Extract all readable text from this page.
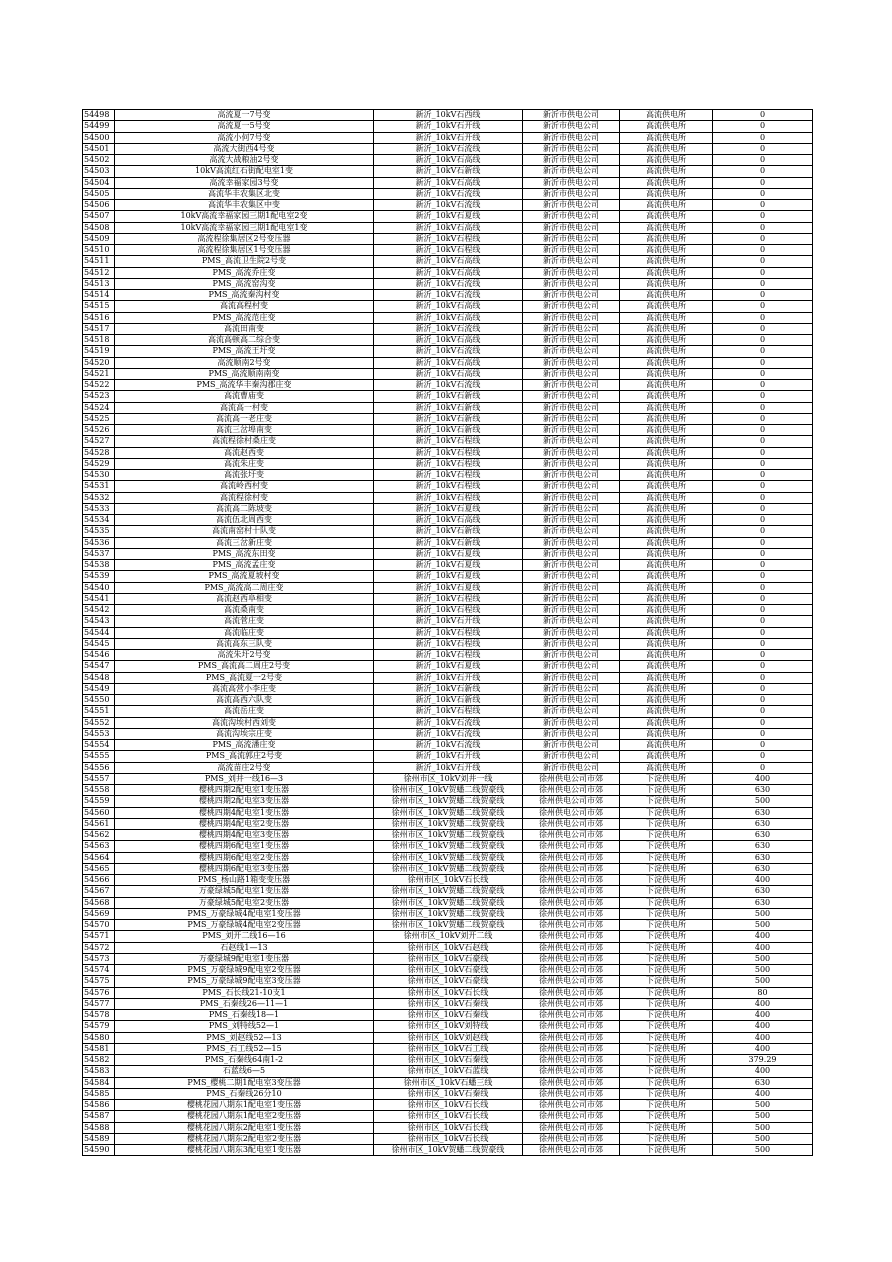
54498	高流夏一7号变	新沂_10kV石西线	新沂市供电公司	高流供电所	0
54499	高流夏一5号变	新沂_10kV石开线	新沂市供电公司	高流供电所	0
54500	高流小何7号变	新沂_10kV石开线	新沂市供电公司	高流供电所	0
54501	高流大街西4号变	新沂_10kV石流线	新沂市供电公司	高流供电所	0
54502	高流大战粮油2号变	新沂_10kV石高线	新沂市供电公司	高流供电所	0
54503	10kV高流红石街配电室1变	新沂_10kV石新线	新沂市供电公司	高流供电所	0
54504	高流幸福家园3号变	新沂_10kV石高线	新沂市供电公司	高流供电所	0
54505	高流华丰农集区北变	新沂_10kV石流线	新沂市供电公司	高流供电所	0
54506	高流华丰农集区中变	新沂_10kV石流线	新沂市供电公司	高流供电所	0
54507	10kV高流幸福家园三期1配电室2变	新沂_10kV石夏线	新沂市供电公司	高流供电所	0
54508	10kV高流幸福家园三期1配电室1变	新沂_10kV石高线	新沂市供电公司	高流供电所	0
54509	高流程徐集居区2号变压器	新沂_10kV石程线	新沂市供电公司	高流供电所	0
54510	高流程徐集居区1号变压器	新沂_10kV石程线	新沂市供电公司	高流供电所	0
54511	PMS_高流卫生院2号变	新沂_10kV石高线	新沂市供电公司	高流供电所	0
54512	PMS_高流乔庄变	新沂_10kV石高线	新沂市供电公司	高流供电所	0
54513	PMS_高流窑沟变	新沂_10kV石流线	新沂市供电公司	高流供电所	0
54514	PMS_高流秦沟村变	新沂_10kV石流线	新沂市供电公司	高流供电所	0
54515	高流高程村变	新沂_10kV石高线	新沂市供电公司	高流供电所	0
54516	PMS_高流范庄变	新沂_10kV石高线	新沂市供电公司	高流供电所	0
54517	高流田南变	新沂_10kV石流线	新沂市供电公司	高流供电所	0
54518	高流高顿高二综合变	新沂_10kV石高线	新沂市供电公司	高流供电所	0
54519	PMS_高流王圩变	新沂_10kV石流线	新沂市供电公司	高流供电所	0
54520	高流顺南2号变	新沂_10kV石高线	新沂市供电公司	高流供电所	0
54521	PMS_高流顺南南变	新沂_10kV石高线	新沂市供电公司	高流供电所	0
54522	PMS_高流华丰秦沟郡庄变	新沂_10kV石流线	新沂市供电公司	高流供电所	0
54523	高流曹庙变	新沂_10kV石新线	新沂市供电公司	高流供电所	0
54524	高流高一村变	新沂_10kV石新线	新沂市供电公司	高流供电所	0
54525	高流高一老庄变	新沂_10kV石新线	新沂市供电公司	高流供电所	0
54526	高流三岔埠南变	新沂_10kV石新线	新沂市供电公司	高流供电所	0
54527	高流程徐村桑庄变	新沂_10kV石程线	新沂市供电公司	高流供电所	0
54528	高流赵西变	新沂_10kV石程线	新沂市供电公司	高流供电所	0
54529	高流朱庄变	新沂_10kV石程线	新沂市供电公司	高流供电所	0
54530	高流张圩变	新沂_10kV石程线	新沂市供电公司	高流供电所	0
54531	高流岭西村变	新沂_10kV石程线	新沂市供电公司	高流供电所	0
54532	高流程徐村变	新沂_10kV石程线	新沂市供电公司	高流供电所	0
54533	高流高二陈坡变	新沂_10kV石夏线	新沂市供电公司	高流供电所	0
54534	高流伍北周西变	新沂_10kV石高线	新沂市供电公司	高流供电所	0
54535	高流南窑村十队变	新沂_10kV石新线	新沂市供电公司	高流供电所	0
54536	高流三岔新庄变	新沂_10kV石新线	新沂市供电公司	高流供电所	0
54537	PMS_高流东田变	新沂_10kV石夏线	新沂市供电公司	高流供电所	0
54538	PMS_高流孟庄变	新沂_10kV石夏线	新沂市供电公司	高流供电所	0
54539	PMS_高流夏坡村变	新沂_10kV石夏线	新沂市供电公司	高流供电所	0
54540	PMS_高流高二周庄变	新沂_10kV石夏线	新沂市供电公司	高流供电所	0
54541	高流赵西阜相变	新沂_10kV石程线	新沂市供电公司	高流供电所	0
54542	高流桑南变	新沂_10kV石程线	新沂市供电公司	高流供电所	0
54543	高流菅庄变	新沂_10kV石开线	新沂市供电公司	高流供电所	0
54544	高流临庄变	新沂_10kV石程线	新沂市供电公司	高流供电所	0
54545	高流高东三队变	新沂_10kV石程线	新沂市供电公司	高流供电所	0
54546	高流朱圩2号变	新沂_10kV石程线	新沂市供电公司	高流供电所	0
54547	PMS_高流高二周庄2号变	新沂_10kV石夏线	新沂市供电公司	高流供电所	0
54548	PMS_高流夏一2号变	新沂_10kV石开线	新沂市供电公司	高流供电所	0
54549	高流高营小李庄变	新沂_10kV石新线	新沂市供电公司	高流供电所	0
54550	高流高西六队变	新沂_10kV石新线	新沂市供电公司	高流供电所	0
54551	高流岳庄变	新沂_10kV石程线	新沂市供电公司	高流供电所	0
54552	高流沟埃村西刘变	新沂_10kV石流线	新沂市供电公司	高流供电所	0
54553	高流沟埃宗庄变	新沂_10kV石流线	新沂市供电公司	高流供电所	0
54554	PMS_高流潘庄变	新沂_10kV石流线	新沂市供电公司	高流供电所	0
54555	PMS_高流郭庄2号变	新沂_10kV石开线	新沂市供电公司	高流供电所	0
54556	高流苗庄2号变	新沂_10kV石开线	新沂市供电公司	高流供电所	0
54557	PMS_刘井一线16—3	徐州市区_10kV刘井一线	徐州供电公司市郊	下淀供电所	400
54558	樱桃四期2配电室1变压器	徐州市区_10kV贺蟠二线贺豪线	徐州供电公司市郊	下淀供电所	630
54559	樱桃四期2配电室3变压器	徐州市区_10kV贺蟠二线贺豪线	徐州供电公司市郊	下淀供电所	500
54560	樱桃四期4配电室1变压器	徐州市区_10kV贺蟠二线贺豪线	徐州供电公司市郊	下淀供电所	630
54561	樱桃四期4配电室2变压器	徐州市区_10kV贺蟠二线贺豪线	徐州供电公司市郊	下淀供电所	630
54562	樱桃四期4配电室3变压器	徐州市区_10kV贺蟠二线贺豪线	徐州供电公司市郊	下淀供电所	630
54563	樱桃四期6配电室1变压器	徐州市区_10kV贺蟠二线贺豪线	徐州供电公司市郊	下淀供电所	630
54564	樱桃四期6配电室2变压器	徐州市区_10kV贺蟠二线贺豪线	徐州供电公司市郊	下淀供电所	630
54565	樱桃四期6配电室3变压器	徐州市区_10kV贺蟠二线贺豪线	徐州供电公司市郊	下淀供电所	630
54566	PMS_杨山路1箱变变压器	徐州市区_10kV石长线	徐州供电公司市郊	下淀供电所	400
54567	万豪绿城5配电室1变压器	徐州市区_10kV贺蟠二线贺豪线	徐州供电公司市郊	下淀供电所	630
54568	万豪绿城5配电室2变压器	徐州市区_10kV贺蟠二线贺豪线	徐州供电公司市郊	下淀供电所	630
54569	PMS_万豪绿城4配电室1变压器	徐州市区_10kV贺蟠二线贺豪线	徐州供电公司市郊	下淀供电所	500
54570	PMS_万豪绿城4配电室2变压器	徐州市区_10kV贺蟠二线贺豪线	徐州供电公司市郊	下淀供电所	500
54571	PMS_刘开二线16—16	徐州市区_10kV刘开二线	徐州供电公司市郊	下淀供电所	400
54572	石赵线1—13	徐州市区_10kV石赵线	徐州供电公司市郊	下淀供电所	400
54573	万豪绿城9配电室1变压器	徐州市区_10kV石豪线	徐州供电公司市郊	下淀供电所	500
54574	PMS_万豪绿城9配电室2变压器	徐州市区_10kV石豪线	徐州供电公司市郊	下淀供电所	500
54575	PMS_万豪绿城9配电室3变压器	徐州市区_10kV石豪线	徐州供电公司市郊	下淀供电所	500
54576	PMS_石长线21-10支1	徐州市区_10kV石长线	徐州供电公司市郊	下淀供电所	80
54577	PMS_石秦线26—11—1	徐州市区_10kV石秦线	徐州供电公司市郊	下淀供电所	400
54578	PMS_石秦线18—1	徐州市区_10kV石秦线	徐州供电公司市郊	下淀供电所	400
54579	PMS_刘特线52—1	徐州市区_10kV刘特线	徐州供电公司市郊	下淀供电所	400
54580	PMS_刘赵线52—13	徐州市区_10kV刘赵线	徐州供电公司市郊	下淀供电所	400
54581	PMS_石工线52—15	徐州市区_10kV石工线	徐州供电公司市郊	下淀供电所	400
54582	PMS_石秦线64南1-2	徐州市区_10kV石秦线	徐州供电公司市郊	下淀供电所	379.29
54583	石蓝线6—5	徐州市区_10kV石蓝线	徐州供电公司市郊	下淀供电所	400
54584	PMS_樱桃二期1配电室3变压器	徐州市区_10kV石蟠三线	徐州供电公司市郊	下淀供电所	630
54585	PMS_石秦线26分10	徐州市区_10kV石秦线	徐州供电公司市郊	下淀供电所	400
54586	樱桃花园八期东1配电室1变压器	徐州市区_10kV石长线	徐州供电公司市郊	下淀供电所	500
54587	樱桃花园八期东1配电室2变压器	徐州市区_10kV石长线	徐州供电公司市郊	下淀供电所	500
54588	樱桃花园八期东2配电室1变压器	徐州市区_10kV石长线	徐州供电公司市郊	下淀供电所	500
54589	樱桃花园八期东2配电室2变压器	徐州市区_10kV石长线	徐州供电公司市郊	下淀供电所	500
54590	樱桃花园八期东3配电室1变压器	徐州市区_10kV贺蟠二线贺豪线	徐州供电公司市郊	下淀供电所	500
